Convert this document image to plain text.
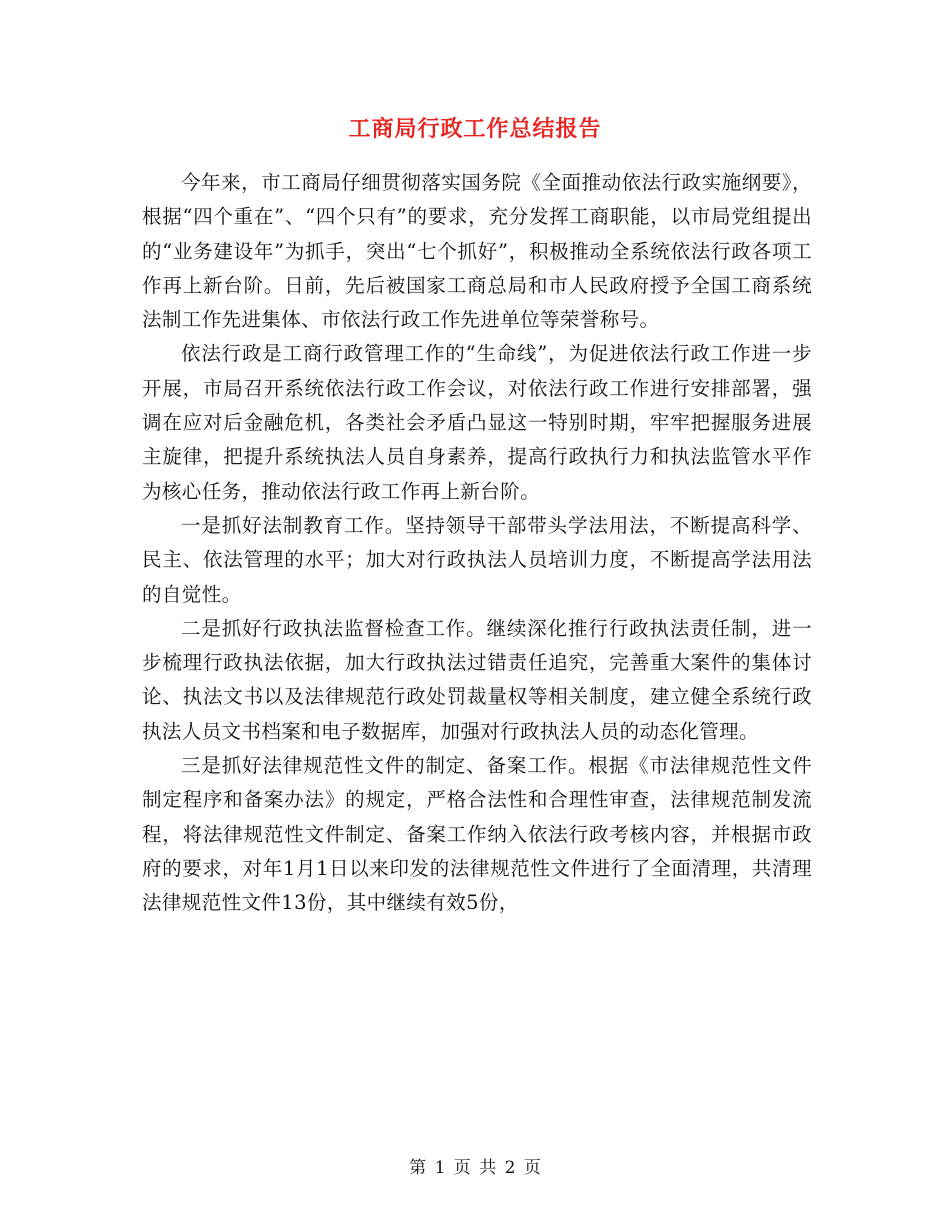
工商局行政工作总结报告

今年来，市工商局仔细贯彻落实国务院《全面推动依法行政实施纲要》，根据“四个重在”、“四个只有”的要求，充分发挥工商职能，以市局党组提出的“业务建设年”为抓手，突出“七个抓好”，积极推动全系统依法行政各项工作再上新台阶。日前，先后被国家工商总局和市人民政府授予全国工商系统法制工作先进集体、市依法行政工作先进单位等荣誉称号。

依法行政是工商行政管理工作的“生命线”，为促进依法行政工作进一步开展，市局召开系统依法行政工作会议，对依法行政工作进行安排部署，强调在应对后金融危机，各类社会矛盾凸显这一特别时期，牢牢把握服务进展主旋律，把提升系统执法人员自身素养，提高行政执行力和执法监管水平作为核心任务，推动依法行政工作再上新台阶。

一是抓好法制教育工作。坚持领导干部带头学法用法，不断提高科学、民主、依法管理的水平；加大对行政执法人员培训力度，不断提高学法用法的自觉性。

二是抓好行政执法监督检查工作。继续深化推行行政执法责任制，进一步梳理行政执法依据，加大行政执法过错责任追究，完善重大案件的集体讨论、执法文书以及法律规范行政处罚裁量权等相关制度，建立健全系统行政执法人员文书档案和电子数据库，加强对行政执法人员的动态化管理。

三是抓好法律规范性文件的制定、备案工作。根据《市法律规范性文件制定程序和备案办法》的规定，严格合法性和合理性审查，法律规范制发流程，将法律规范性文件制定、备案工作纳入依法行政考核内容，并根据市政府的要求，对年1月1日以来印发的法律规范性文件进行了全面清理，共清理法律规范性文件13份，其中继续有效5份，

第 1 页 共 2 页
